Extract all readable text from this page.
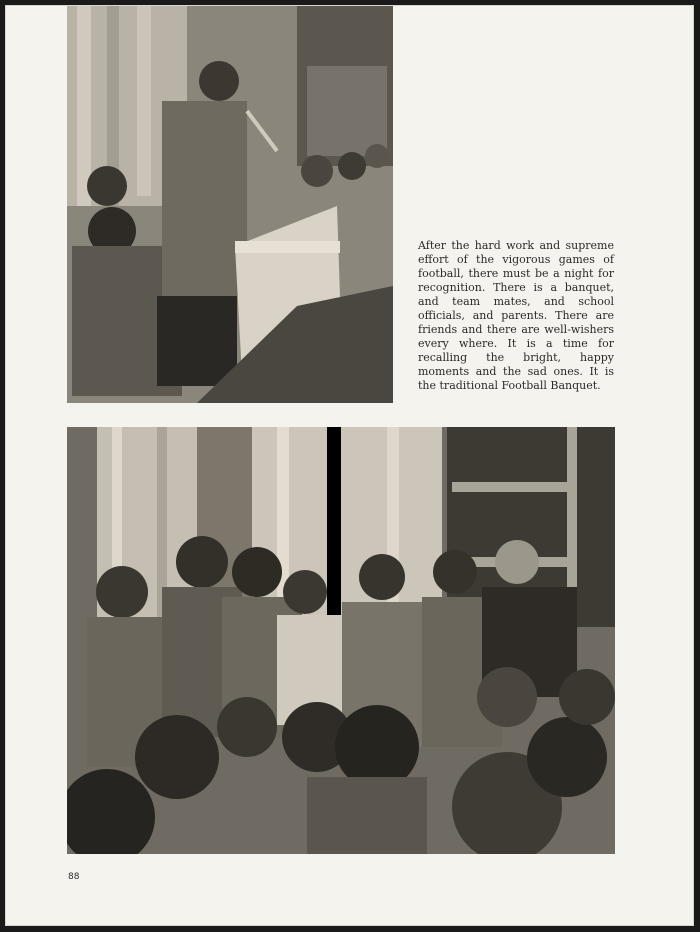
After the hard work and supreme effort of the vigorous games of football, there must be a night for recognition. There is a banquet, and team mates, and school officials, and parents. There are friends and there are well-wishers every where. It is a time for recalling the bright, happy moments and the sad ones. It is the traditional Football Banquet.
88
